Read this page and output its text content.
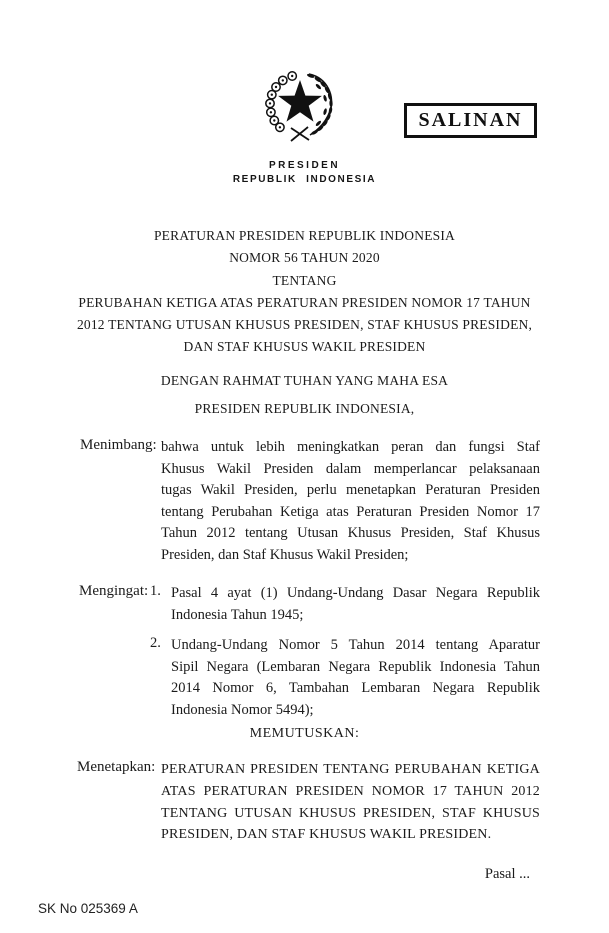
PRESIDEN
REPUBLIK INDONESIA
SALINAN
PERATURAN PRESIDEN REPUBLIK INDONESIA
NOMOR 56 TAHUN 2020
TENTANG
PERUBAHAN KETIGA ATAS PERATURAN PRESIDEN NOMOR 17 TAHUN
2012 TENTANG UTUSAN KHUSUS PRESIDEN, STAF KHUSUS PRESIDEN,
DAN STAF KHUSUS WAKIL PRESIDEN
DENGAN RAHMAT TUHAN YANG MAHA ESA
PRESIDEN REPUBLIK INDONESIA,
Menimbang: bahwa untuk lebih meningkatkan peran dan fungsi Staf
Khusus Wakil Presiden dalam memperlancar pelaksanaan
tugas Wakil Presiden, perlu menetapkan Peraturan Presiden
tentang Perubahan Ketiga atas Peraturan Presiden Nomor 17
Tahun 2012 tentang Utusan Khusus Presiden, Staf Khusus
Presiden, dan Staf Khusus Wakil Presiden;
Mengingat: 1. Pasal 4 ayat (1) Undang-Undang Dasar Negara Republik
Indonesia Tahun 1945;
2. Undang-Undang Nomor 5 Tahun 2014 tentang Aparatur
Sipil Negara (Lembaran Negara Republik Indonesia Tahun
2014 Nomor 6, Tambahan Lembaran Negara Republik
Indonesia Nomor 5494);
MEMUTUSKAN:
Menetapkan: PERATURAN PRESIDEN TENTANG PERUBAHAN KETIGA
ATAS PERATURAN PRESIDEN NOMOR 17 TAHUN 2012
TENTANG UTUSAN KHUSUS PRESIDEN, STAF KHUSUS
PRESIDEN, DAN STAF KHUSUS WAKIL PRESIDEN.
Pasal ...
SK No 025369 A
